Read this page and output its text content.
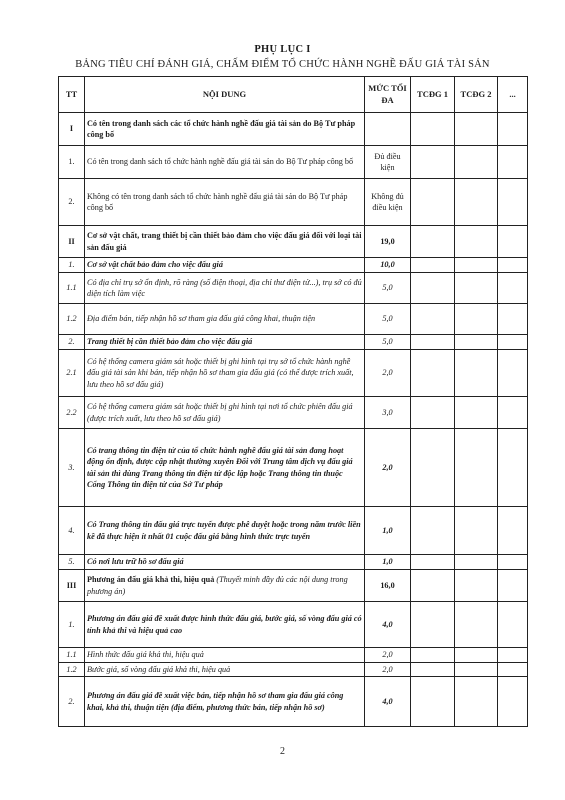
PHỤ LỤC I
BẢNG TIÊU CHÍ ĐÁNH GIÁ, CHẤM ĐIỂM TỔ CHỨC HÀNH NGHỀ ĐẤU GIÁ TÀI SẢN
TT	NỘI DUNG	MỨC TỐI ĐA	TCĐG 1	TCĐG 2	...
I	Có tên trong danh sách các tổ chức hành nghề đấu giá tài sản do Bộ Tư pháp công bố				
1.	Có tên trong danh sách tổ chức hành nghề đấu giá tài sản do Bộ Tư pháp công bố	Đủ điều kiện			
2.	Không có tên trong danh sách tổ chức hành nghề đấu giá tài sản do Bộ Tư pháp công bố	Không đủ điều kiện			
II	Cơ sở vật chất, trang thiết bị cần thiết bảo đảm cho việc đấu giá đối với loại tài sản đấu giá	19,0			
1.	Cơ sở vật chất bảo đảm cho việc đấu giá	10,0			
1.1	Có địa chỉ trụ sở ổn định, rõ ràng (số điện thoại, địa chỉ thư điện tử...), trụ sở có đủ diện tích làm việc	5,0			
1.2	Địa điểm bán, tiếp nhận hồ sơ tham gia đấu giá công khai, thuận tiện	5,0			
2.	Trang thiết bị cần thiết bảo đảm cho việc đấu giá	5,0			
2.1	Có hệ thống camera giám sát hoặc thiết bị ghi hình tại trụ sở tổ chức hành nghề đấu giá tài sản khi bán, tiếp nhận hồ sơ tham gia đấu giá (có thể được trích xuất, lưu theo hồ sơ đấu giá)	2,0			
2.2	Có hệ thống camera giám sát hoặc thiết bị ghi hình tại nơi tổ chức phiên đấu giá (được trích xuất, lưu theo hồ sơ đấu giá)	3,0			
3.	Có trang thông tin điện tử của tổ chức hành nghề đấu giá tài sản đang hoạt động ổn định, được cập nhật thường xuyên Đối với Trung tâm dịch vụ đấu giá tài sản thì dùng Trang thông tin điện tử độc lập hoặc Trang thông tin thuộc Cổng Thông tin điện tử của Sở Tư pháp	2,0			
4.	Có Trang thông tin đấu giá trực tuyến được phê duyệt hoặc trong năm trước liền kề đã thực hiện ít nhất 01 cuộc đấu giá bằng hình thức trực tuyến	1,0			
5.	Có nơi lưu trữ hồ sơ đấu giá	1,0			
III	Phương án đấu giá khả thi, hiệu quả (Thuyết minh đầy đủ các nội dung trong phương án)	16,0			
1.	Phương án đấu giá đề xuất được hình thức đấu giá, bước giá, số vòng đấu giá có tính khả thi và hiệu quả cao	4,0			
1.1	Hình thức đấu giá khả thi, hiệu quả	2,0			
1.2	Bước giá, số vòng đấu giá khả thi, hiệu quả	2,0			
2.	Phương án đấu giá đề xuất việc bán, tiếp nhận hồ sơ tham gia đấu giá công khai, khả thi, thuận tiện (địa điểm, phương thức bán, tiếp nhận hồ sơ)	4,0			
2
